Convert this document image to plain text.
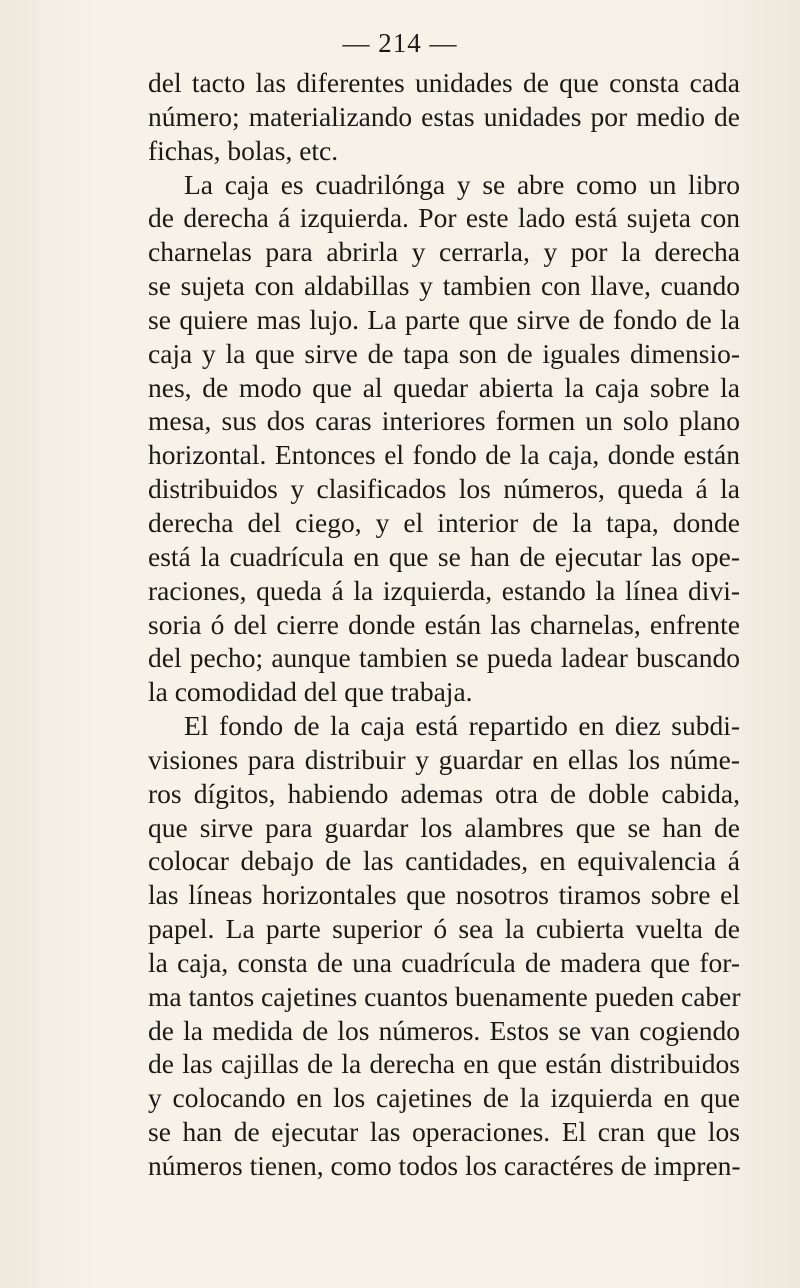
— 214 —
del tacto las diferentes unidades de que consta cada
número; materializando estas unidades por medio de
fichas, bolas, etc.
La caja es cuadrilónga y se abre como un libro
de derecha á izquierda. Por este lado está sujeta con
charnelas para abrirla y cerrarla, y por la derecha
se sujeta con aldabillas y tambien con llave, cuando
se quiere mas lujo. La parte que sirve de fondo de la
caja y la que sirve de tapa son de iguales dimensio-
nes, de modo que al quedar abierta la caja sobre la
mesa, sus dos caras interiores formen un solo plano
horizontal. Entonces el fondo de la caja, donde están
distribuidos y clasificados los números, queda á la
derecha del ciego, y el interior de la tapa, donde
está la cuadrícula en que se han de ejecutar las ope-
raciones, queda á la izquierda, estando la línea divi-
soria ó del cierre donde están las charnelas, enfrente
del pecho; aunque tambien se pueda ladear buscando
la comodidad del que trabaja.
El fondo de la caja está repartido en diez subdi-
visiones para distribuir y guardar en ellas los núme-
ros dígitos, habiendo ademas otra de doble cabida,
que sirve para guardar los alambres que se han de
colocar debajo de las cantidades, en equivalencia á
las líneas horizontales que nosotros tiramos sobre el
papel. La parte superior ó sea la cubierta vuelta de
la caja, consta de una cuadrícula de madera que for-
ma tantos cajetines cuantos buenamente pueden caber
de la medida de los números. Estos se van cogiendo
de las cajillas de la derecha en que están distribuidos
y colocando en los cajetines de la izquierda en que
se han de ejecutar las operaciones. El cran que los
números tienen, como todos los caractéres de impren-
